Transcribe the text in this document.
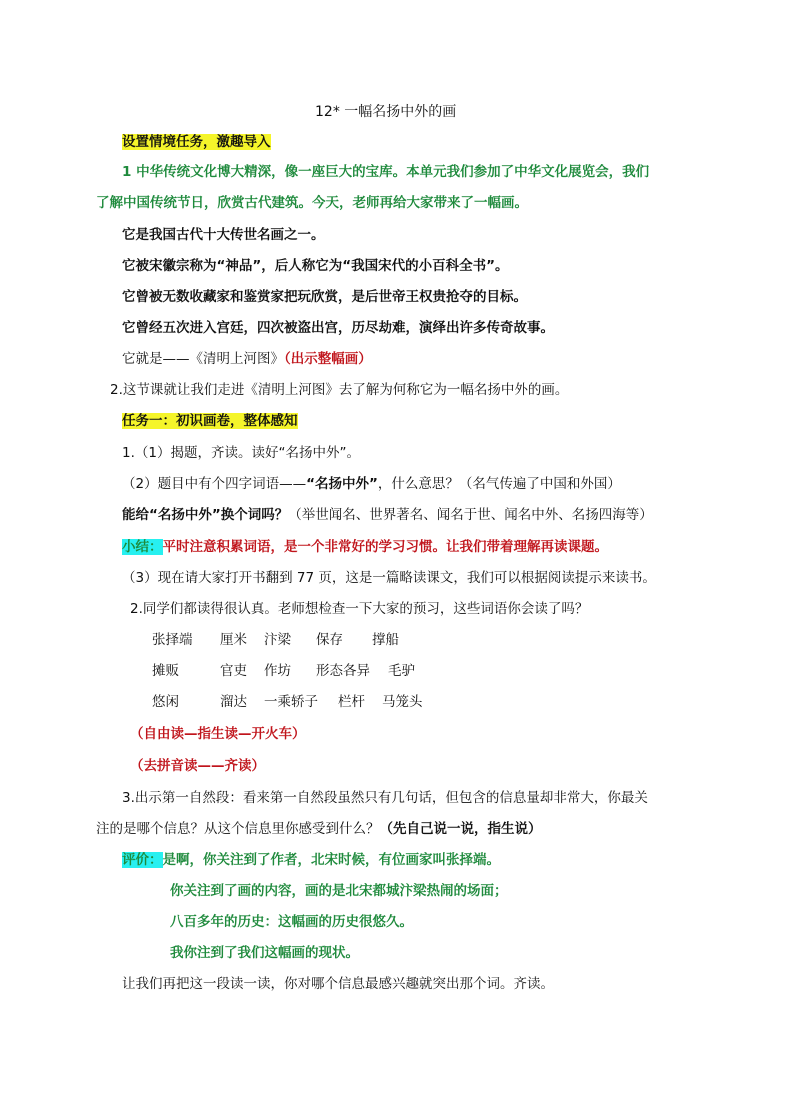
12* 一幅名扬中外的画
设置情境任务，激趣导入
1 中华传统文化博大精深，像一座巨大的宝库。本单元我们参加了中华文化展览会，我们
了解中国传统节日，欣赏古代建筑。今天，老师再给大家带来了一幅画。
它是我国古代十大传世名画之一。
它被宋徽宗称为“神品”，后人称它为“我国宋代的小百科全书”。
它曾被无数收藏家和鉴赏家把玩欣赏，是后世帝王权贵抢夺的目标。
它曾经五次进入宫廷，四次被盗出宫，历尽劫难，演绎出许多传奇故事。
它就是——《清明上河图》（出示整幅画）
2.这节课就让我们走进《清明上河图》去了解为何称它为一幅名扬中外的画。
任务一：初识画卷，整体感知
1.（1）揭题，齐读。读好“名扬中外”。
（2）题目中有个四字词语——“名扬中外”，什么意思？（名气传遍了中国和外国）
能给“名扬中外”换个词吗？（举世闻名、世界著名、闻名于世、闻名中外、名扬四海等）
小结：平时注意积累词语，是一个非常好的学习习惯。让我们带着理解再读课题。
（3）现在请大家打开书翻到 77 页，这是一篇略读课文，我们可以根据阅读提示来读书。
2.同学们都读得很认真。老师想检查一下大家的预习，这些词语你会读了吗？
张择端 厘米 汴梁 保存 撑船
摊贩	官吏 作坊 形态各异 毛驴
悠闲	溜达 一乘轿子 栏杆 马笼头
（自由读—指生读—开火车）
（去拼音读——齐读）
3.出示第一自然段：看来第一自然段虽然只有几句话，但包含的信息量却非常大，你最关
注的是哪个信息？从这个信息里你感受到什么？（先自己说一说，指生说）
评价：是啊，你关注到了作者，北宋时候，有位画家叫张择端。
你关注到了画的内容，画的是北宋都城汴梁热闹的场面；
八百多年的历史：这幅画的历史很悠久。
我你注到了我们这幅画的现状。
让我们再把这一段读一读，你对哪个信息最感兴趣就突出那个词。齐读。
